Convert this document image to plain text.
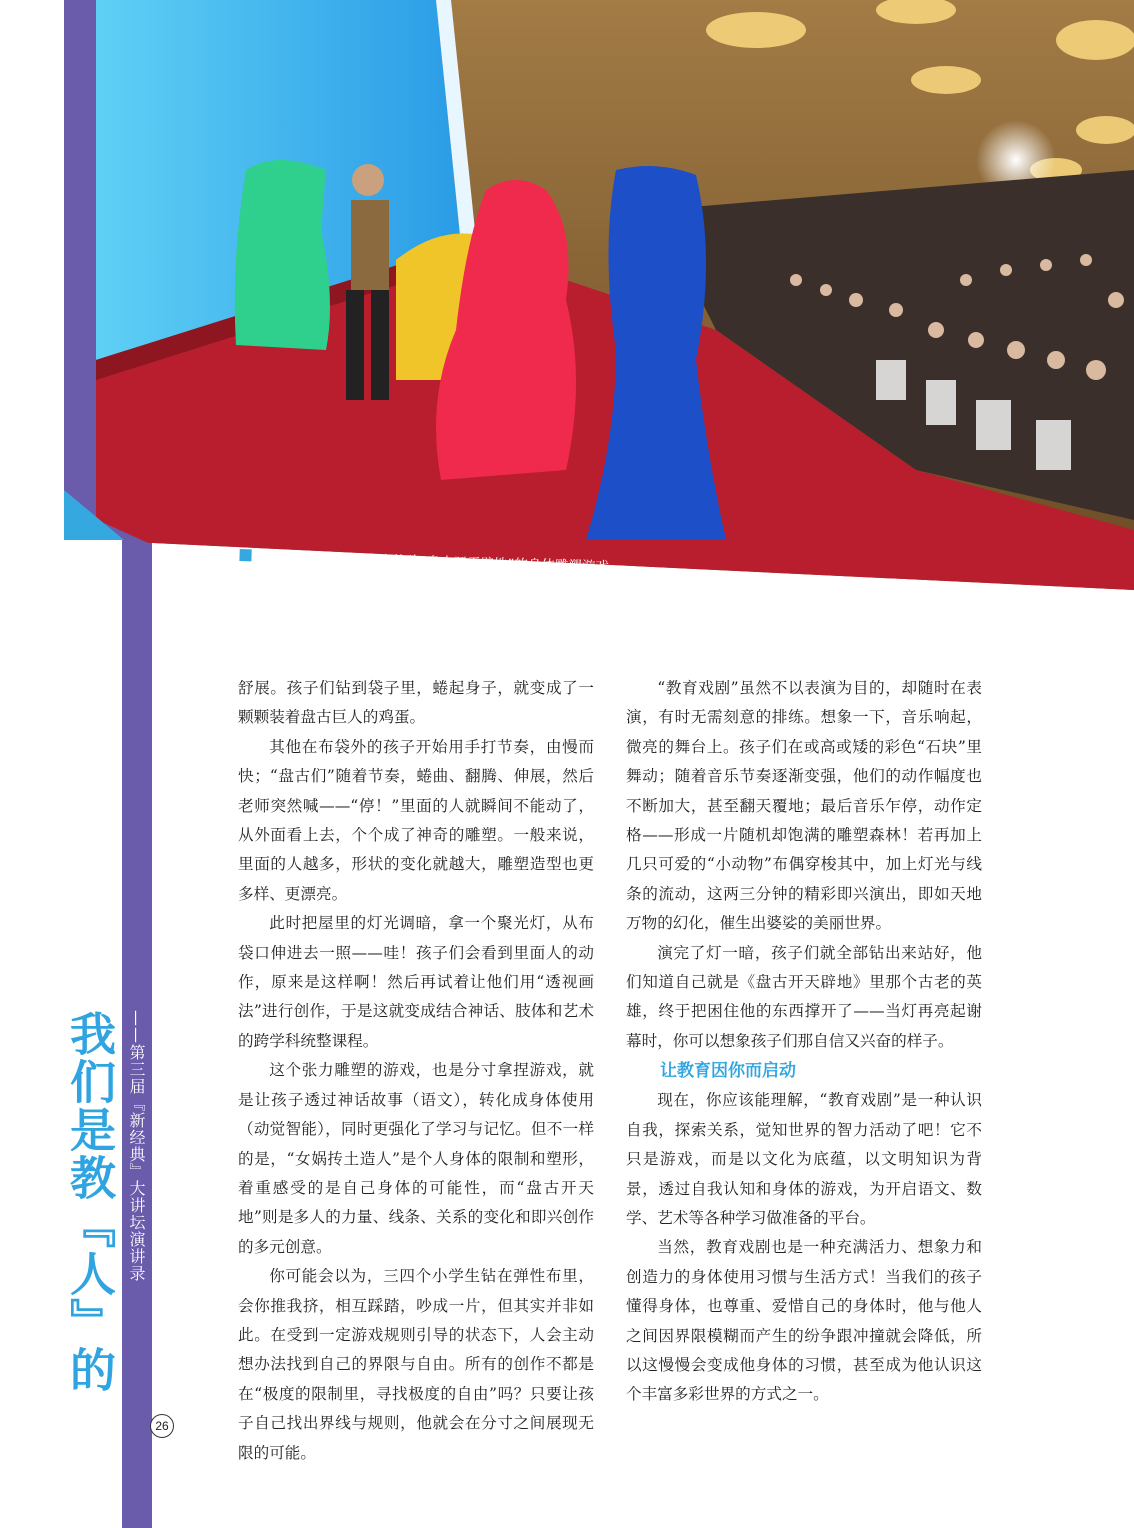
演讲现场，老师们上台体验“盘古开天辟地”的身体雕塑游戏。
我们是教『人』的 ——第三届『新经典』大讲坛演讲录
26

舒展。孩子们钻到袋子里，蜷起身子，就变成了一颗颗装着盘古巨人的鸡蛋。

其他在布袋外的孩子开始用手打节奏，由慢而快；“盘古们”随着节奏，蜷曲、翻腾、伸展，然后老师突然喊——“停！”里面的人就瞬间不能动了，从外面看上去，个个成了神奇的雕塑。一般来说，里面的人越多，形状的变化就越大，雕塑造型也更多样、更漂亮。

此时把屋里的灯光调暗，拿一个聚光灯，从布袋口伸进去一照——哇！孩子们会看到里面人的动作，原来是这样啊！然后再试着让他们用“透视画法”进行创作，于是这就变成结合神话、肢体和艺术的跨学科统整课程。

这个张力雕塑的游戏，也是分寸拿捏游戏，就是让孩子透过神话故事（语文），转化成身体使用（动觉智能），同时更强化了学习与记忆。但不一样的是，“女娲抟土造人”是个人身体的限制和塑形，着重感受的是自己身体的可能性，而“盘古开天地”则是多人的力量、线条、关系的变化和即兴创作的多元创意。

你可能会以为，三四个小学生钻在弹性布里，会你推我挤，相互踩踏，吵成一片，但其实并非如此。在受到一定游戏规则引导的状态下，人会主动想办法找到自己的界限与自由。所有的创作不都是在“极度的限制里，寻找极度的自由”吗？只要让孩子自己找出界线与规则，他就会在分寸之间展现无限的可能。

“教育戏剧”虽然不以表演为目的，却随时在表演，有时无需刻意的排练。想象一下，音乐响起，微亮的舞台上。孩子们在或高或矮的彩色“石块”里舞动；随着音乐节奏逐渐变强，他们的动作幅度也不断加大，甚至翻天覆地；最后音乐乍停，动作定格——形成一片随机却饱满的雕塑森林！若再加上几只可爱的“小动物”布偶穿梭其中，加上灯光与线条的流动，这两三分钟的精彩即兴演出，即如天地万物的幻化，催生出婆娑的美丽世界。

演完了灯一暗，孩子们就全部钻出来站好，他们知道自己就是《盘古开天辟地》里那个古老的英雄，终于把困住他的东西撑开了——当灯再亮起谢幕时，你可以想象孩子们那自信又兴奋的样子。

让教育因你而启动

现在，你应该能理解，“教育戏剧”是一种认识自我，探索关系，觉知世界的智力活动了吧！它不只是游戏，而是以文化为底蕴，以文明知识为背景，透过自我认知和身体的游戏，为开启语文、数学、艺术等各种学习做准备的平台。

当然，教育戏剧也是一种充满活力、想象力和创造力的身体使用习惯与生活方式！当我们的孩子懂得身体，也尊重、爱惜自己的身体时，他与他人之间因界限模糊而产生的纷争跟冲撞就会降低，所以这慢慢会变成他身体的习惯，甚至成为他认识这个丰富多彩世界的方式之一。
